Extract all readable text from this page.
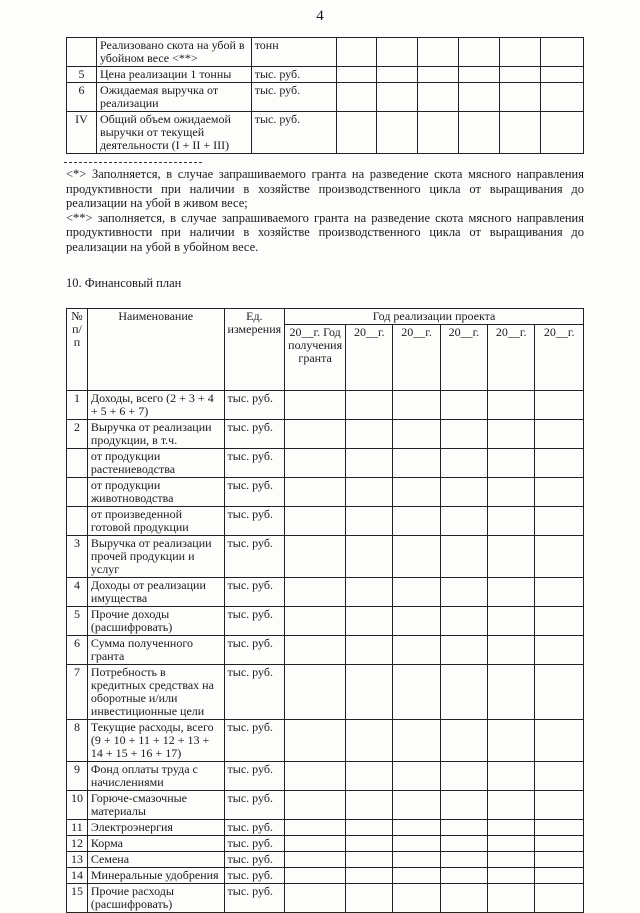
4
	Реализовано скота на убой в убойном весе <**>	тонн						
5	Цена реализации 1 тонны	тыс. руб.						
6	Ожидаемая выручка от реализации	тыс. руб.						
IV	Общий объем ожидаемой выручки от текущей деятельности (I + II + III)	тыс. руб.						

<*> Заполняется, в случае запрашиваемого гранта на разведение скота мясного направления продуктивности при наличии в хозяйстве производственного цикла от выращивания до реализации на убой в живом весе;

<**> заполняется, в случае запрашиваемого гранта на разведение скота мясного направления продуктивности при наличии в хозяйстве производственного цикла от выращивания до реализации на убой в убойном весе.

10. Финансовый план
№ п/п	Наименование	Ед. измерения	Год реализации проекта					
			20__г. Год получения гранта	20__г.	20__г.	20__г.	20__г.	20__г.
1	Доходы, всего (2 + 3 + 4 + 5 + 6 + 7)	тыс. руб.						
2	Выручка от реализации продукции, в т.ч.	тыс. руб.						
	от продукции растениеводства	тыс. руб.						
	от продукции животноводства	тыс. руб.						
	от произведенной готовой продукции	тыс. руб.						
3	Выручка от реализации прочей продукции и услуг	тыс. руб.						
4	Доходы от реализации имущества	тыс. руб.						
5	Прочие доходы (расшифровать)	тыс. руб.						
6	Сумма полученного гранта	тыс. руб.						
7	Потребность в кредитных средствах на оборотные и/или инвестиционные цели	тыс. руб.						
8	Текущие расходы, всего (9 + 10 + 11 + 12 + 13 + 14 + 15 + 16 + 17)	тыс. руб.						
9	Фонд оплаты труда с начислениями	тыс. руб.						
10	Горюче-смазочные материалы	тыс. руб.						
11	Электроэнергия	тыс. руб.						
12	Корма	тыс. руб.						
13	Семена	тыс. руб.						
14	Минеральные удобрения	тыс. руб.						
15	Прочие расходы (расшифровать)	тыс. руб.						
